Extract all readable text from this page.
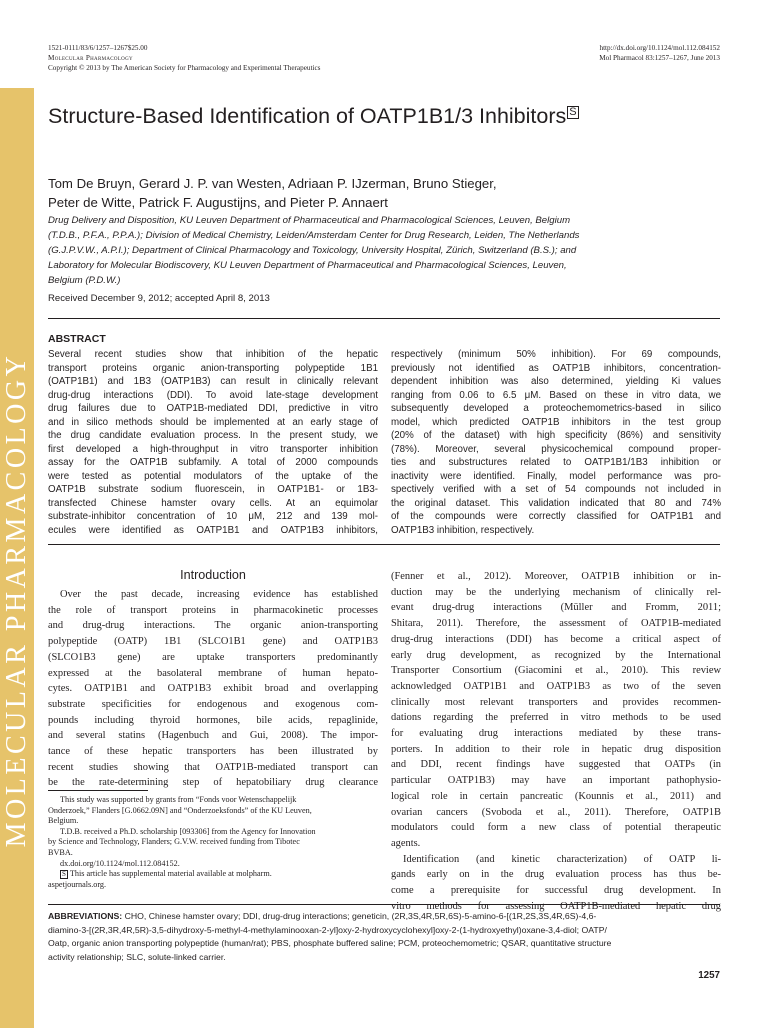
MOLECULAR PHARMACOLOGY
1521-0111/83/6/1257–1267$25.00
Molecular Pharmacology
Copyright © 2013 by The American Society for Pharmacology and Experimental Therapeutics
http://dx.doi.org/10.1124/mol.112.084152
Mol Pharmacol 83:1257–1267, June 2013
Structure-Based Identification of OATP1B1/3 Inhibitors S
Tom De Bruyn, Gerard J. P. van Westen, Adriaan P. IJzerman, Bruno Stieger,
Peter de Witte, Patrick F. Augustijns, and Pieter P. Annaert
Drug Delivery and Disposition, KU Leuven Department of Pharmaceutical and Pharmacological Sciences, Leuven, Belgium
(T.D.B., P.F.A., P.P.A.); Division of Medical Chemistry, Leiden/Amsterdam Center for Drug Research, Leiden, The Netherlands
(G.J.P.V.W., A.P.I.); Department of Clinical Pharmacology and Toxicology, University Hospital, Zürich, Switzerland (B.S.); and
Laboratory for Molecular Biodiscovery, KU Leuven Department of Pharmaceutical and Pharmacological Sciences, Leuven,
Belgium (P.D.W.)
Received December 9, 2012; accepted April 8, 2013
ABSTRACT
Several recent studies show that inhibition of the hepatic
transport proteins organic anion-transporting polypeptide 1B1
(OATP1B1) and 1B3 (OATP1B3) can result in clinically relevant
drug-drug interactions (DDI). To avoid late-stage development
drug failures due to OATP1B-mediated DDI, predictive in vitro
and in silico methods should be implemented at an early stage of
the drug candidate evaluation process. In the present study, we
first developed a high-throughput in vitro transporter inhibition
assay for the OATP1B subfamily. A total of 2000 compounds
were tested as potential modulators of the uptake of the
OATP1B substrate sodium fluorescein, in OATP1B1- or 1B3-
transfected Chinese hamster ovary cells. At an equimolar
substrate-inhibitor concentration of 10 μM, 212 and 139 mol-
ecules were identified as OATP1B1 and OATP1B3 inhibitors,
respectively (minimum 50% inhibition). For 69 compounds,
previously not identified as OATP1B inhibitors, concentration-
dependent inhibition was also determined, yielding Ki values
ranging from 0.06 to 6.5 μM. Based on these in vitro data, we
subsequently developed a proteochemometrics-based in silico
model, which predicted OATP1B inhibitors in the test group
(20% of the dataset) with high specificity (86%) and sensitivity
(78%). Moreover, several physicochemical compound proper-
ties and substructures related to OATP1B1/1B3 inhibition or
inactivity were identified. Finally, model performance was pro-
spectively verified with a set of 54 compounds not included in
the original dataset. This validation indicated that 80 and 74%
of the compounds were correctly classified for OATP1B1 and
OATP1B3 inhibition, respectively.
Introduction
Over the past decade, increasing evidence has established
the role of transport proteins in pharmacokinetic processes
and drug-drug interactions. The organic anion-transporting
polypeptide (OATP) 1B1 (SLCO1B1 gene) and OATP1B3
(SLCO1B3 gene) are uptake transporters predominantly
expressed at the basolateral membrane of human hepato-
cytes. OATP1B1 and OATP1B3 exhibit broad and overlapping
substrate specificities for endogenous and exogenous com-
pounds including thyroid hormones, bile acids, repaglinide,
and several statins (Hagenbuch and Gui, 2008). The impor-
tance of these hepatic transporters has been illustrated by
recent studies showing that OATP1B-mediated transport can
be the rate-determining step of hepatobiliary drug clearance
(Fenner et al., 2012). Moreover, OATP1B inhibition or in-
duction may be the underlying mechanism of clinically rel-
evant drug-drug interactions (Müller and Fromm, 2011;
Shitara, 2011). Therefore, the assessment of OATP1B-mediated
drug-drug interactions (DDI) has become a critical aspect of
early drug development, as recognized by the International
Transporter Consortium (Giacomini et al., 2010). This review
acknowledged OATP1B1 and OATP1B3 as two of the seven
clinically most relevant transporters and provides recommen-
dations regarding the preferred in vitro methods to be used
for evaluating drug interactions mediated by these trans-
porters. In addition to their role in hepatic drug disposition
and DDI, recent findings have suggested that OATPs (in
particular OATP1B3) may have an important pathophysio-
logical role in certain pancreatic (Kounnis et al., 2011) and
ovarian cancers (Svoboda et al., 2011). Therefore, OATP1B
modulators could form a new class of potential therapeutic
agents.
Identification (and kinetic characterization) of OATP li-
gands early on in the drug evaluation process has thus be-
come a prerequisite for successful drug development. In
vitro methods for assessing OATP1B-mediated hepatic drug
This study was supported by grants from “Fonds voor Wetenschappelijk
Onderzoek,” Flanders [G.0662.09N] and “Onderzoeksfonds” of the KU Leuven,
Belgium.
T.D.B. received a Ph.D. scholarship [093306] from the Agency for Innovation
by Science and Technology, Flanders; G.V.W. received funding from Tibotec
BVBA.
dx.doi.org/10.1124/mol.112.084152.
S This article has supplemental material available at molpharm.
aspetjournals.org.
ABBREVIATIONS: CHO, Chinese hamster ovary; DDI, drug-drug interactions; geneticin, (2R,3S,4R,5R,6S)-5-amino-6-[(1R,2S,3S,4R,6S)-4,6-
diamino-3-[(2R,3R,4R,5R)-3,5-dihydroxy-5-methyl-4-methylaminooxan-2-yl]oxy-2-hydroxycyclohexyl]oxy-2-(1-hydroxyethyl)oxane-3,4-diol; OATP/
Oatp, organic anion transporting polypeptide (human/rat); PBS, phosphate buffered saline; PCM, proteochemometric; QSAR, quantitative structure
activity relationship; SLC, solute-linked carrier.
1257
